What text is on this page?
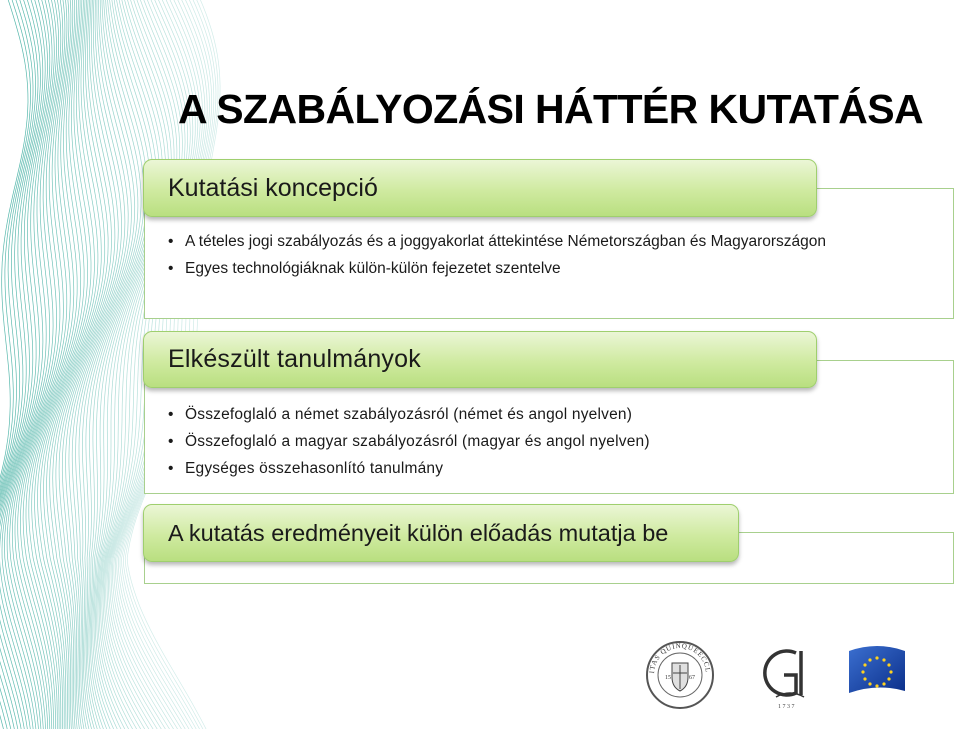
A SZABÁLYOZÁSI HÁTTÉR KUTATÁSA
Kutatási koncepció
• A tételes jogi szabályozás és a joggyakorlat áttekintése Németországban és Magyarországon
• Egyes technológiáknak külön-külön fejezetet szentelve
Elkészült tanulmányok
• Összefoglaló a német szabályozásról (német és angol nyelven)
• Összefoglaló a magyar szabályozásról (magyar és angol nyelven)
• Egységes összehasonlító tanulmány
A kutatás eredményeit külön előadás mutatja be
ITAS QUINQUEECCL
15	67
1 7 3 7
